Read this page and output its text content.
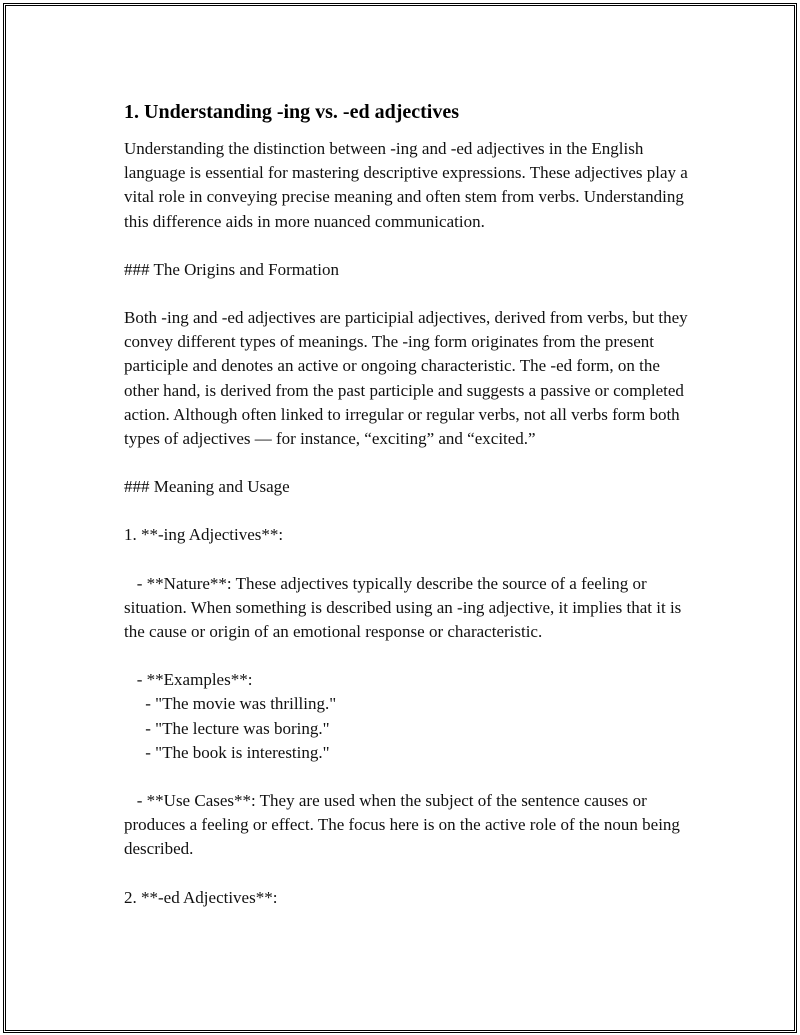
1. Understanding -ing vs. -ed adjectives
Understanding the distinction between -ing and -ed adjectives in the English language is essential for mastering descriptive expressions. These adjectives play a vital role in conveying precise meaning and often stem from verbs. Understanding this difference aids in more nuanced communication.
### The Origins and Formation
Both -ing and -ed adjectives are participial adjectives, derived from verbs, but they convey different types of meanings. The -ing form originates from the present participle and denotes an active or ongoing characteristic. The -ed form, on the other hand, is derived from the past participle and suggests a passive or completed action. Although often linked to irregular or regular verbs, not all verbs form both types of adjectives — for instance, “exciting” and “excited.”
### Meaning and Usage
1. **-ing Adjectives**:
- **Nature**: These adjectives typically describe the source of a feeling or situation. When something is described using an -ing adjective, it implies that it is the cause or origin of an emotional response or characteristic.
- **Examples**:
- "The movie was thrilling."
- "The lecture was boring."
- "The book is interesting."
- **Use Cases**: They are used when the subject of the sentence causes or produces a feeling or effect. The focus here is on the active role of the noun being described.
2. **-ed Adjectives**:
